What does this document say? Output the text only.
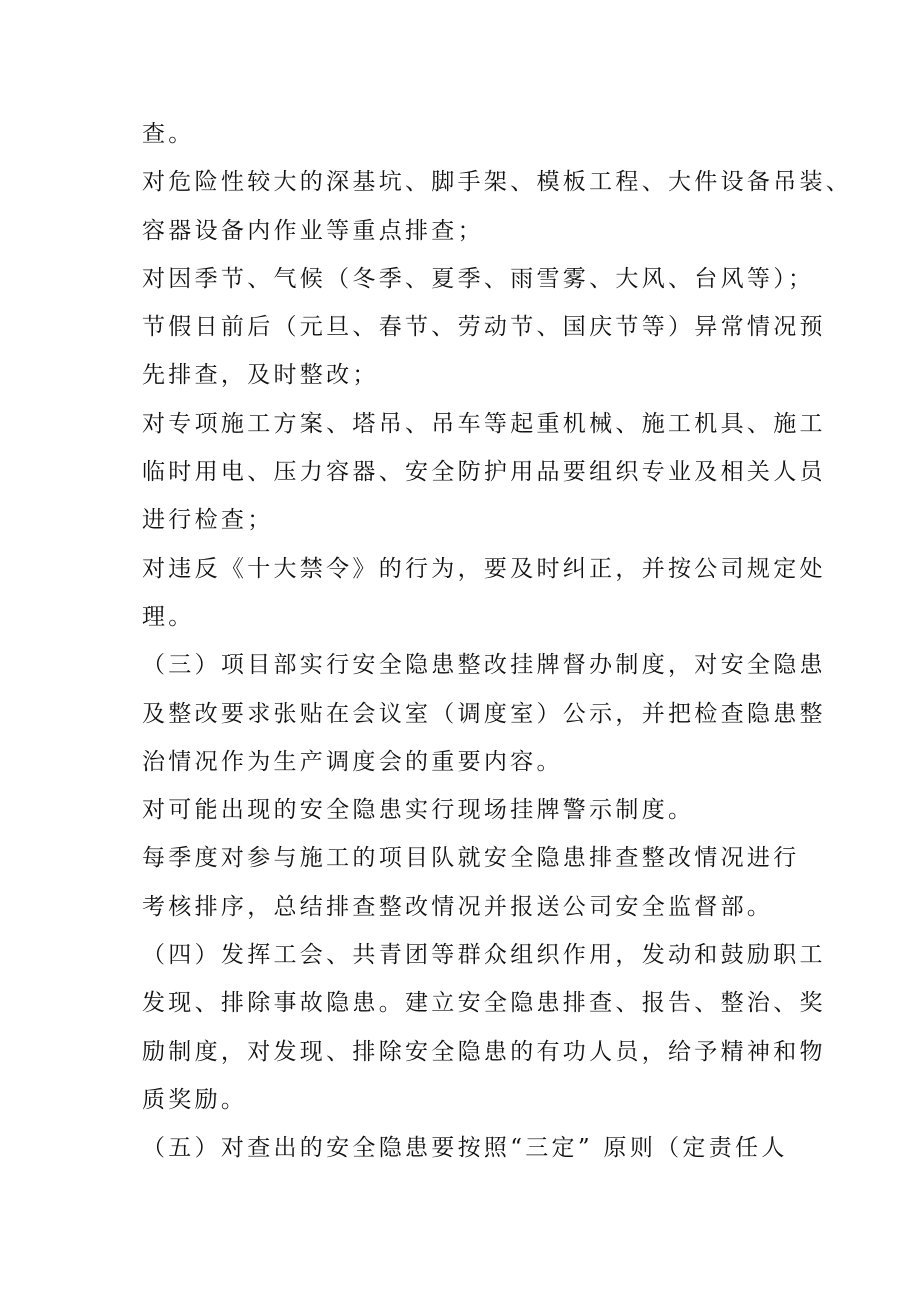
查。
对危险性较大的深基坑、脚手架、模板工程、大件设备吊装、
容器设备内作业等重点排查；
对因季节、气候（冬季、夏季、雨雪雾、大风、台风等）；
节假日前后（元旦、春节、劳动节、国庆节等）异常情况预
先排查，及时整改；
对专项施工方案、塔吊、吊车等起重机械、施工机具、施工
临时用电、压力容器、安全防护用品要组织专业及相关人员
进行检查；
对违反《十大禁令》的行为，要及时纠正，并按公司规定处
理。
（三）项目部实行安全隐患整改挂牌督办制度，对安全隐患
及整改要求张贴在会议室（调度室）公示，并把检查隐患整
治情况作为生产调度会的重要内容。
对可能出现的安全隐患实行现场挂牌警示制度。
每季度对参与施工的项目队就安全隐患排查整改情况进行
考核排序，总结排查整改情况并报送公司安全监督部。
（四）发挥工会、共青团等群众组织作用，发动和鼓励职工
发现、排除事故隐患。建立安全隐患排查、报告、整治、奖
励制度，对发现、排除安全隐患的有功人员，给予精神和物
质奖励。
（五）对查出的安全隐患要按照“三定” 原则（定责任人
